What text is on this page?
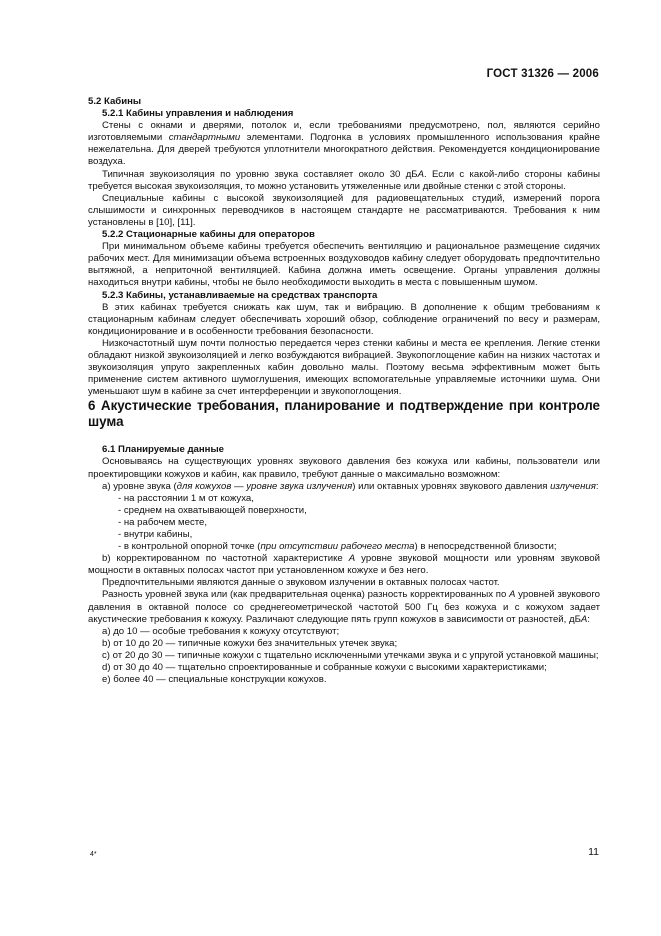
ГОСТ 31326 — 2006

5.2 Кабины

5.2.1 Кабины управления и наблюдения

Стены с окнами и дверями, потолок и, если требованиями предусмотрено, пол, являются серийно изготовляемыми стандартными элементами. Подгонка в условиях промышленного использования крайне нежелательна. Для дверей требуются уплотнители многократного действия. Рекомендуется кондиционирование воздуха.

Типичная звукоизоляция по уровню звука составляет около 30 дБА. Если с какой-либо стороны кабины требуется высокая звукоизоляция, то можно установить утяжеленные или двойные стенки с этой стороны.

Специальные кабины с высокой звукоизоляцией для радиовещательных студий, измерений порога слышимости и синхронных переводчиков в настоящем стандарте не рассматриваются. Требования к ним установлены в [10], [11].

5.2.2 Стационарные кабины для операторов

При минимальном объеме кабины требуется обеспечить вентиляцию и рациональное размещение сидячих рабочих мест. Для минимизации объема встроенных воздуховодов кабину следует оборудовать предпочтительно вытяжной, а неприточной вентиляцией. Кабина должна иметь освещение. Органы управления должны находиться внутри кабины, чтобы не было необходимости выходить в места с повышенным шумом.

5.2.3 Кабины, устанавливаемые на средствах транспорта

В этих кабинах требуется снижать как шум, так и вибрацию. В дополнение к общим требованиям к стационарным кабинам следует обеспечивать хороший обзор, соблюдение ограничений по весу и размерам, кондиционирование и в особенности требования безопасности.

Низкочастотный шум почти полностью передается через стенки кабины и места ее крепления. Легкие стенки обладают низкой звукоизоляцией и легко возбуждаются вибрацией. Звукопоглощение кабин на низких частотах и звукоизоляция упруго закрепленных кабин довольно малы. Поэтому весьма эффективным может быть применение систем активного шумоглушения, имеющих вспомогательные управляемые источники шума. Они уменьшают шум в кабине за счет интерференции и звукопоглощения.

6 Акустические требования, планирование и подтверждение при контроле шума

6.1 Планируемые данные

Основываясь на существующих уровнях звукового давления без кожуха или кабины, пользователи или проектировщики кожухов и кабин, как правило, требуют данные о максимально возможном:

a) уровне звука (для кожухов — уровне звука излучения) или октавных уровнях звукового давления излучения:

- на расстоянии 1 м от кожуха,

- среднем на охватывающей поверхности,

- на рабочем месте,

- внутри кабины,

- в контрольной опорной точке (при отсутствии рабочего места) в непосредственной близости;

b) корректированном по частотной характеристике А уровне звуковой мощности или уровням звуковой мощности в октавных полосах частот при установленном кожухе и без него.

Предпочтительными являются данные о звуковом излучении в октавных полосах частот.

Разность уровней звука или (как предварительная оценка) разность корректированных по А уровней звукового давления в октавной полосе со среднегеометрической частотой 500 Гц без кожуха и с кожухом задает акустические требования к кожуху. Различают следующие пять групп кожухов в зависимости от разностей, дБА:

a) до 10 — особые требования к кожуху отсутствуют;

b) от 10 до 20 — типичные кожухи без значительных утечек звука;

c) от 20 до 30 — типичные кожухи с тщательно исключенными утечками звука и с упругой установкой машины;

d) от 30 до 40 — тщательно спроектированные и собранные кожухи с высокими характеристиками;

e) более 40 — специальные конструкции кожухов.

4*	11
